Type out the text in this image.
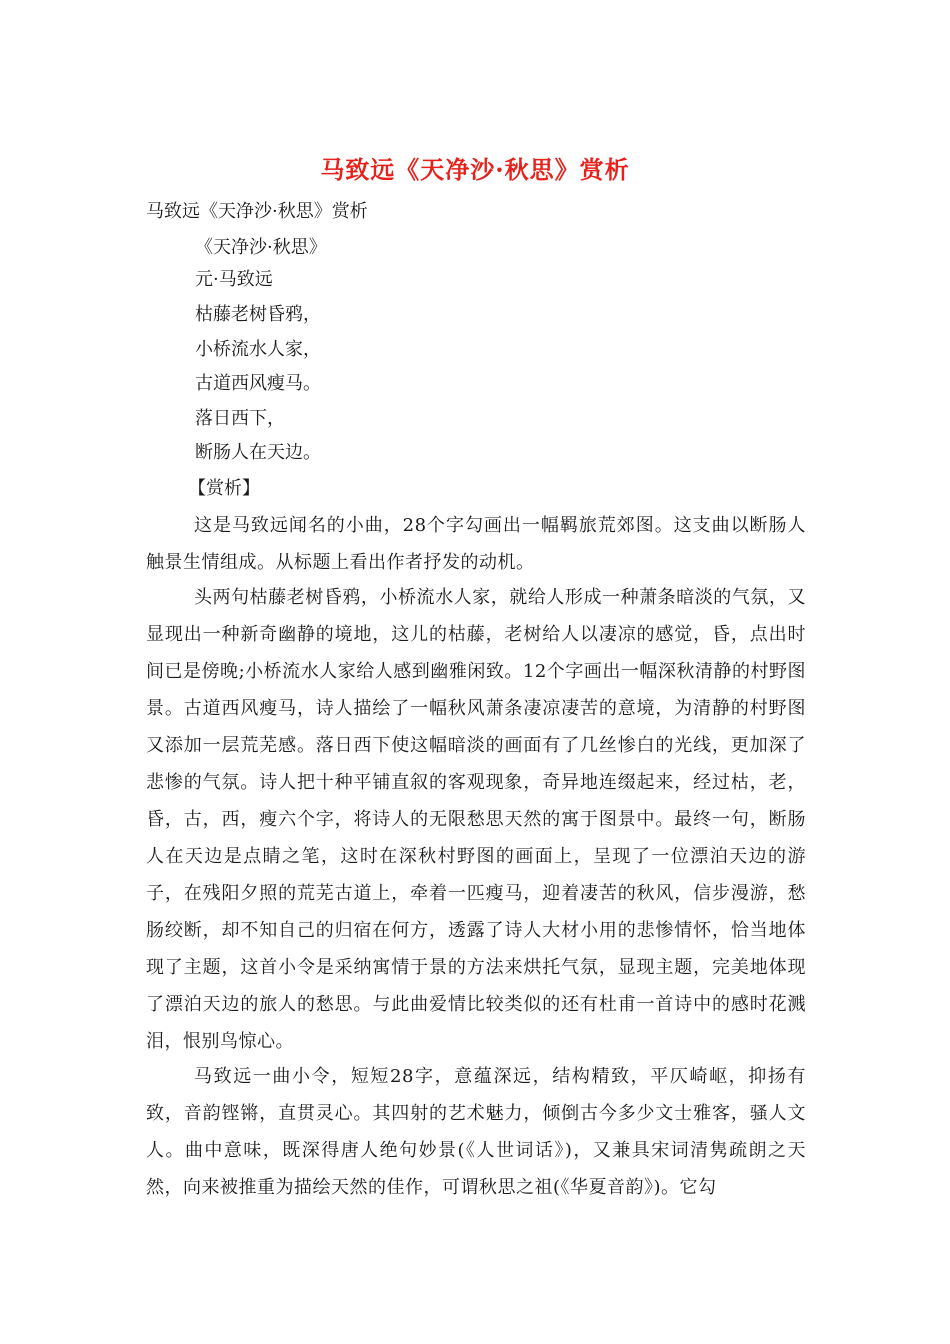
马致远《天净沙·秋思》赏析
马致远《天净沙·秋思》赏析
《天净沙·秋思》
元·马致远
枯藤老树昏鸦，
小桥流水人家，
古道西风瘦马。
落日西下，
断肠人在天边。
【赏析】
这是马致远闻名的小曲，28个字勾画出一幅羁旅荒郊图。这支曲以断肠人触景生情组成。从标题上看出作者抒发的动机。
头两句枯藤老树昏鸦，小桥流水人家，就给人形成一种萧条暗淡的气氛，又显现出一种新奇幽静的境地，这儿的枯藤，老树给人以凄凉的感觉，昏，点出时间已是傍晚;小桥流水人家给人感到幽雅闲致。12个字画出一幅深秋清静的村野图景。古道西风瘦马，诗人描绘了一幅秋风萧条凄凉凄苦的意境，为清静的村野图又添加一层荒芜感。落日西下使这幅暗淡的画面有了几丝惨白的光线，更加深了悲惨的气氛。诗人把十种平铺直叙的客观现象，奇异地连缀起来，经过枯，老，昏，古，西，瘦六个字，将诗人的无限愁思天然的寓于图景中。最终一句，断肠人在天边是点睛之笔，这时在深秋村野图的画面上，呈现了一位漂泊天边的游子，在残阳夕照的荒芜古道上，牵着一匹瘦马，迎着凄苦的秋风，信步漫游，愁肠绞断，却不知自己的归宿在何方，透露了诗人大材小用的悲惨情怀，恰当地体现了主题，这首小令是采纳寓情于景的方法来烘托气氛，显现主题，完美地体现了漂泊天边的旅人的愁思。与此曲爱情比较类似的还有杜甫一首诗中的感时花溅泪，恨别鸟惊心。
马致远一曲小令，短短28字，意蕴深远，结构精致，平仄崎岖，抑扬有致，音韵铿锵，直贯灵心。其四射的艺术魅力，倾倒古今多少文士雅客，骚人文人。曲中意味，既深得唐人绝句妙景(《人世词话》)，又兼具宋词清隽疏朗之天然，向来被推重为描绘天然的佳作，可谓秋思之祖(《华夏音韵》)。它勾
